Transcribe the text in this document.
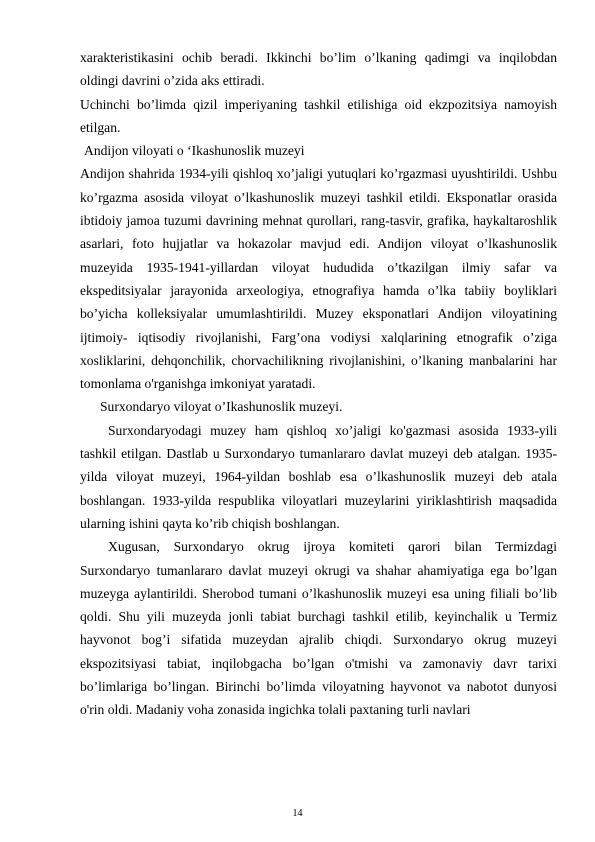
xarakteristikasini ochib beradi. Ikkinchi bo’lim o’lkaning qadimgi va inqilobdan oldingi davrini o’zida aks ettiradi.

Uchinchi bo’limda qizil imperiyaning tashkil etilishiga oid ekzpozitsiya namoyish etilgan.

Andijon viloyati o ‘Ikashunoslik muzeyi

Andijon shahrida 1934-yili qishloq xo’jaligi yutuqlari ko’rgazmasi uyushtirildi. Ushbu ko’rgazma asosida viloyat o’lkashunoslik muzeyi tashkil etildi. Eksponatlar orasida ibtidoiy jamoa tuzumi davrining mehnat qurollari, rang-tasvir, grafika, haykaltaroshlik asarlari, foto hujjatlar va hokazolar mavjud edi. Andijon viloyat o’lkashunoslik muzeyida 1935-1941-yillardan viloyat hududida o’tkazilgan ilmiy safar va ekspeditsiyalar jarayonida arxeologiya, etnografiya hamda o’lka tabiiy boyliklari bo’yicha kolleksiyalar umumlashtirildi. Muzey eksponatlari Andijon viloyatining ijtimoiy- iqtisodiy rivojlanishi, Farg’ona vodiysi xalqlarining etnografik o’ziga xosliklarini, dehqonchilik, chorvachilikning rivojlanishini, o’lkaning manbalarini har tomonlama o'rganishga imkoniyat yaratadi.

Surxondaryo viloyat o’Ikashunoslik muzeyi.

Surxondaryodagi muzey ham qishloq xo’jaligi ko'gazmasi asosida 1933-yili tashkil etilgan. Dastlab u Surxondaryo tumanlararo davlat muzeyi deb atalgan. 1935-yilda viloyat muzeyi, 1964-yildan boshlab esa o’lkashunoslik muzeyi deb atala boshlangan. 1933-yilda respublika viloyatlari muzeylarini yiriklashtirish maqsadida ularning ishini qayta ko’rib chiqish boshlangan.

Xugusan, Surxondaryo okrug ijroya komiteti qarori bilan Termizdagi Surxondaryo tumanlararo davlat muzeyi okrugi va shahar ahamiyatiga ega bo’lgan muzeyga aylantirildi. Sherobod tumani o’lkashunoslik muzeyi esa uning filiali bo’lib qoldi. Shu yili muzeyda jonli tabiat burchagi tashkil etilib, keyinchalik u Termiz hayvonot bog’i sifatida muzeydan ajralib chiqdi. Surxondaryo okrug muzeyi ekspozitsiyasi tabiat, inqilobgacha bo’lgan o'tmishi va zamonaviy davr tarixi bo’limlariga bo’lingan. Birinchi bo’limda viloyatning hayvonot va nabotot dunyosi o'rin oldi. Madaniy voha zonasida ingichka tolali paxtaning turli navlari

14
